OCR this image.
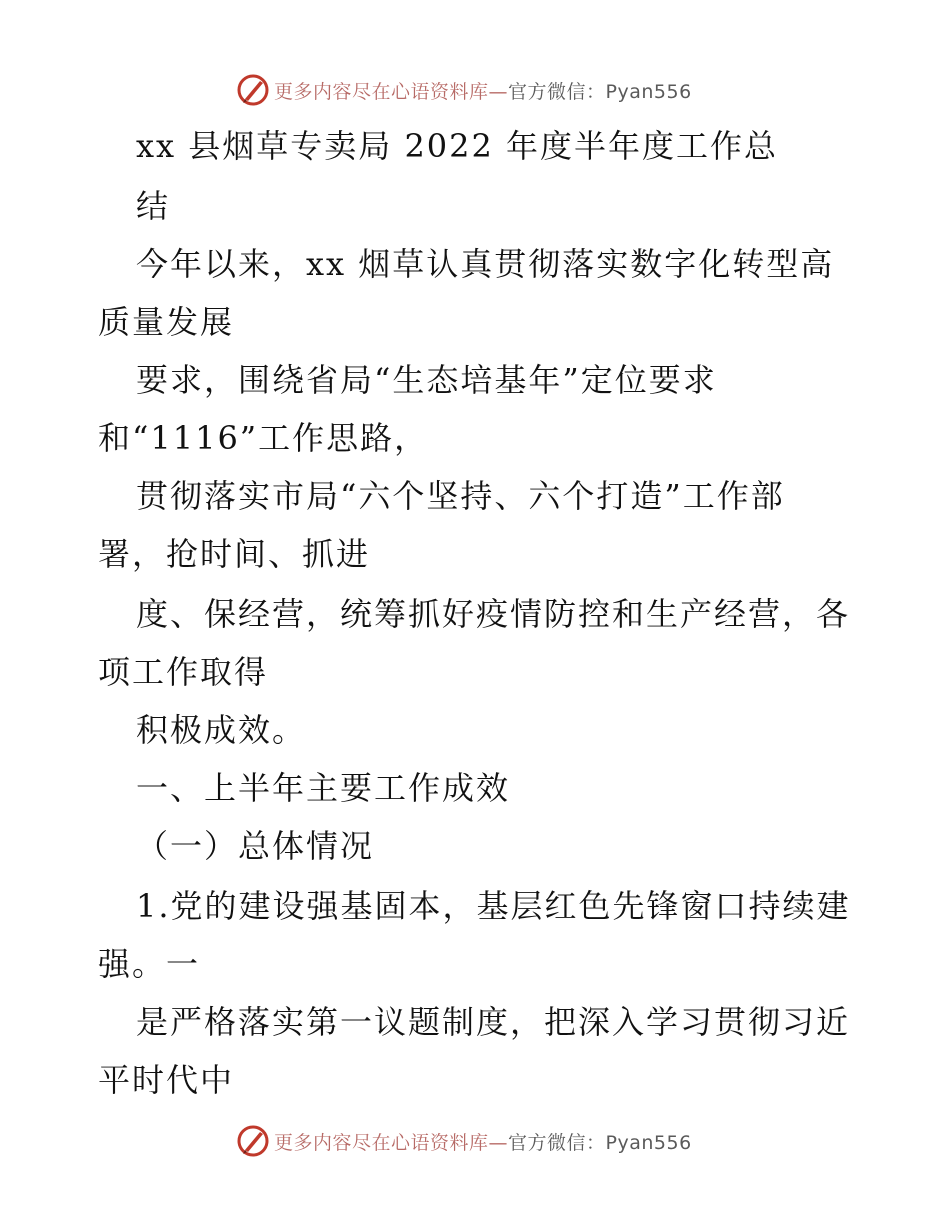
更多内容尽在心语资料库—官方微信：Pyan556
xx 县烟草专卖局 2022 年度半年度工作总
结
今年以来，xx 烟草认真贯彻落实数字化转型高
质量发展
要求，围绕省局“生态培基年”定位要求
和“1116”工作思路，
贯彻落实市局“六个坚持、六个打造”工作部
署，抢时间、抓进
度、保经营，统筹抓好疫情防控和生产经营，各
项工作取得
积极成效。
一、上半年主要工作成效
（一）总体情况
1.党的建设强基固本，基层红色先锋窗口持续建
强。一
是严格落实第一议题制度，把深入学习贯彻习近
平时代中
更多内容尽在心语资料库—官方微信：Pyan556
